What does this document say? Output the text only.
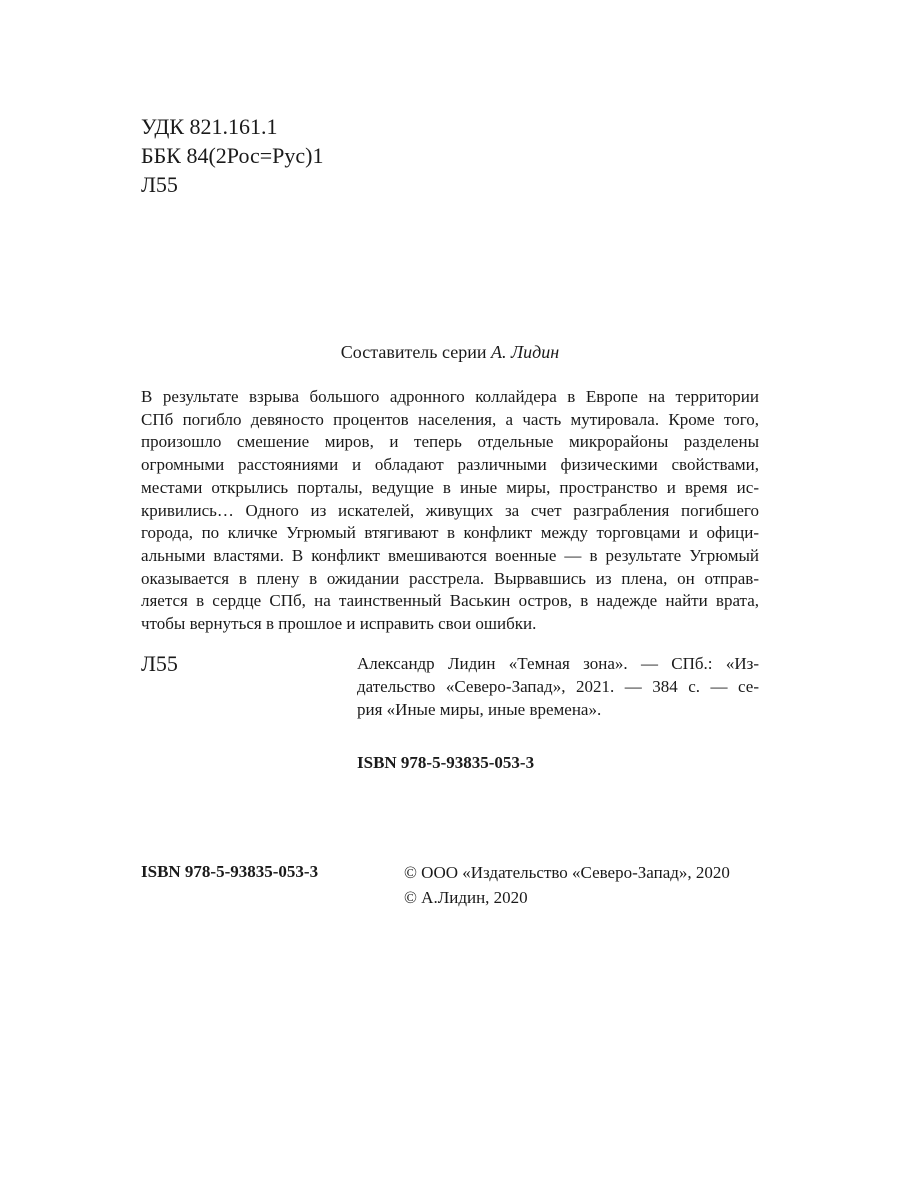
УДК 821.161.1
ББК 84(2Рос=Рус)1
Л55
Составитель серии А. Лидин
В результате взрыва большого адронного коллайдера в Европе на территории
СПб погибло девяносто процентов населения, а часть мутировала. Кроме того,
произошло смешение миров, и теперь отдельные микрорайоны разделены
огромными расстояниями и обладают различными физическими свойствами,
местами открылись порталы, ведущие в иные миры, пространство и время ис-
кривились… Одного из искателей, живущих за счет разграбления погибшего
города, по кличке Угрюмый втягивают в конфликт между торговцами и офици-
альными властями. В конфликт вмешиваются военные — в результате Угрюмый
оказывается в плену в ожидании расстрела. Вырвавшись из плена, он отправ-
ляется в сердце СПб, на таинственный Васькин остров, в надежде найти врата,
чтобы вернуться в прошлое и исправить свои ошибки.
Л55	Александр Лидин «Темная зона». — СПб.: «Из-
дательство «Северо-Запад», 2021. — 384 с. — се-
рия «Иные миры, иные времена».
ISBN 978-5-93835-053-3
ISBN 978-5-93835-053-3	© ООО «Издательство «Северо-Запад», 2020
© А.Лидин, 2020
